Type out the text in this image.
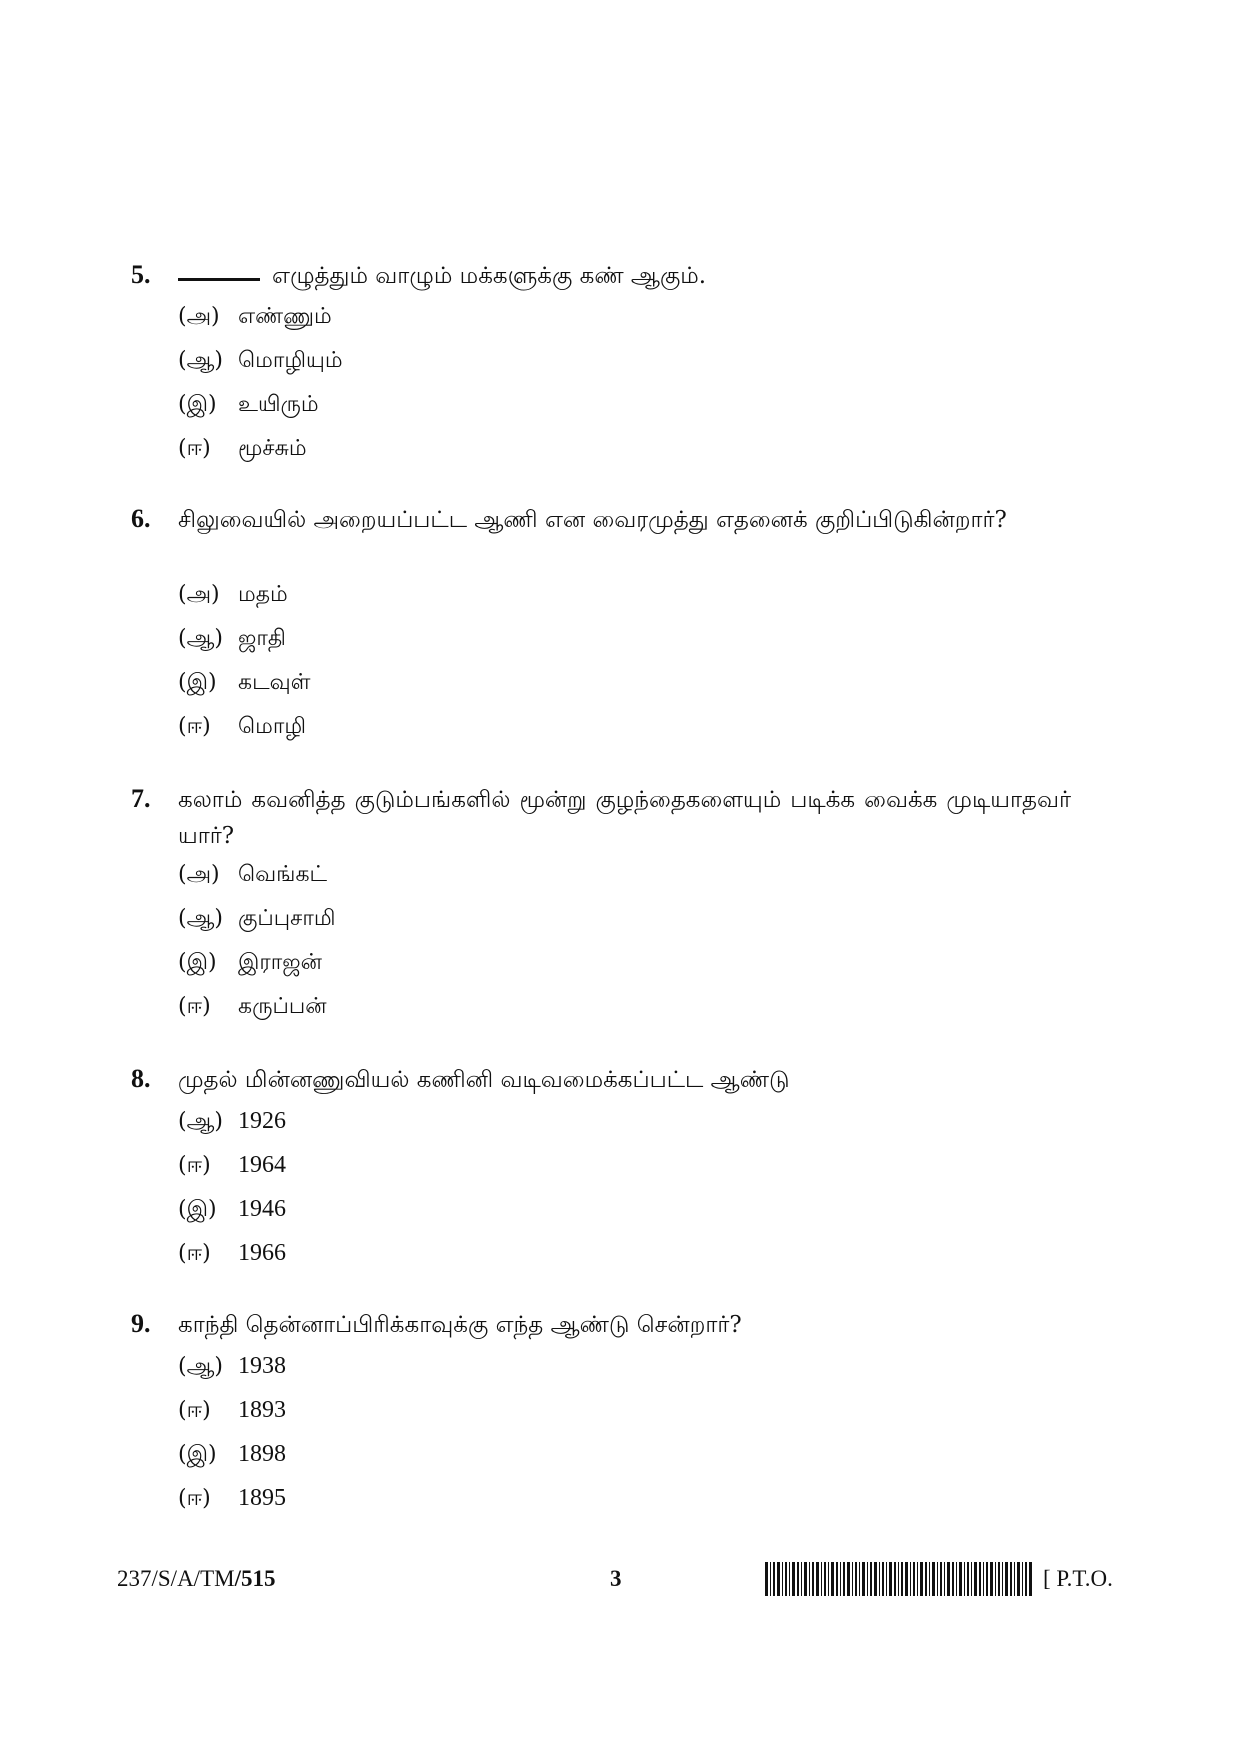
5.	எழுத்தும் வாழும் மக்களுக்கு கண் ஆகும்.
(அ) எண்ணும்
(ஆ) மொழியும்
(இ) உயிரும்
(ஈ) மூச்சும்
6. சிலுவையில் அறையப்பட்ட ஆணி என வைரமுத்து எதனைக் குறிப்பிடுகின்றார்?
(அ) மதம்
(ஆ) ஜாதி
(இ) கடவுள்
(ஈ) மொழி
7. கலாம் கவனித்த குடும்பங்களில் மூன்று குழந்தைகளையும் படிக்க வைக்க முடியாதவர் யார்?
(அ) வெங்கட்
(ஆ) குப்புசாமி
(இ) இராஜன்
(ஈ) கருப்பன்
8. முதல் மின்னணுவியல் கணினி வடிவமைக்கப்பட்ட ஆண்டு
(ஆ) 1926
(ஈ) 1964
(இ) 1946
(ஈ) 1966
9. காந்தி தென்னாப்பிரிக்காவுக்கு எந்த ஆண்டு சென்றார்?
(ஆ) 1938
(ஈ) 1893
(இ) 1898
(ஈ) 1895
237/S/A/TM/515	3	[ P.T.O.
